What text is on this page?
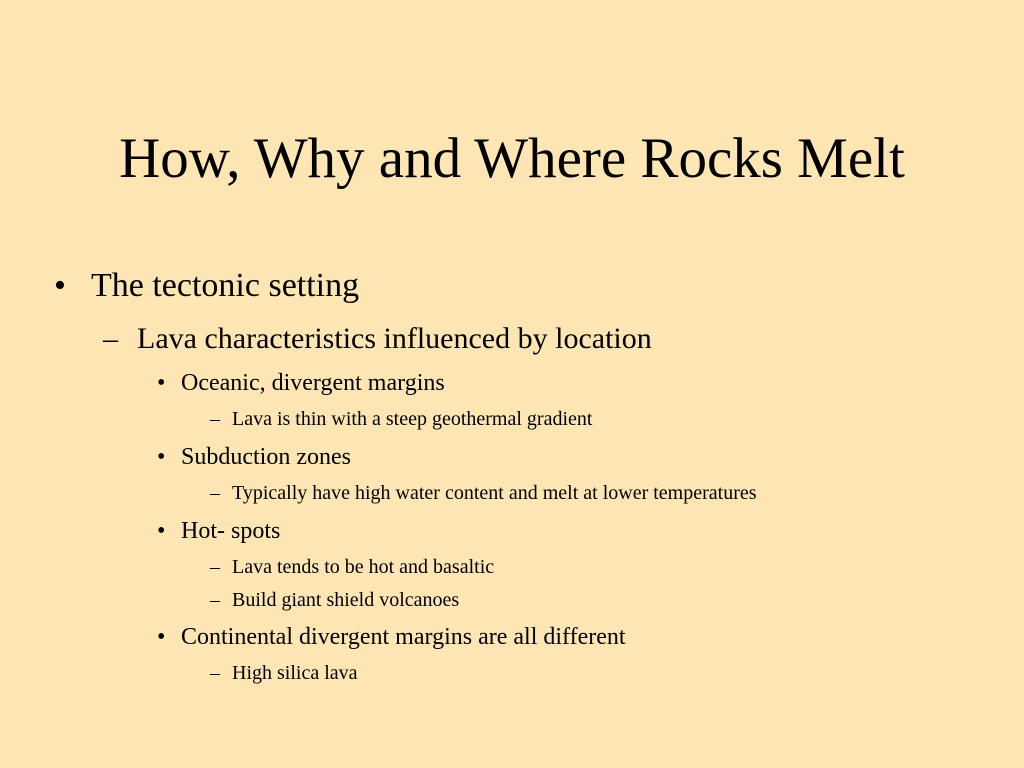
How, Why and Where Rocks Melt
• The tectonic setting
– Lava characteristics influenced by location
• Oceanic, divergent margins
– Lava is thin with a steep geothermal gradient
• Subduction zones
– Typically have high water content and melt at lower temperatures
• Hot- spots
– Lava tends to be hot and basaltic
– Build giant shield volcanoes
• Continental divergent margins are all different
– High silica lava
